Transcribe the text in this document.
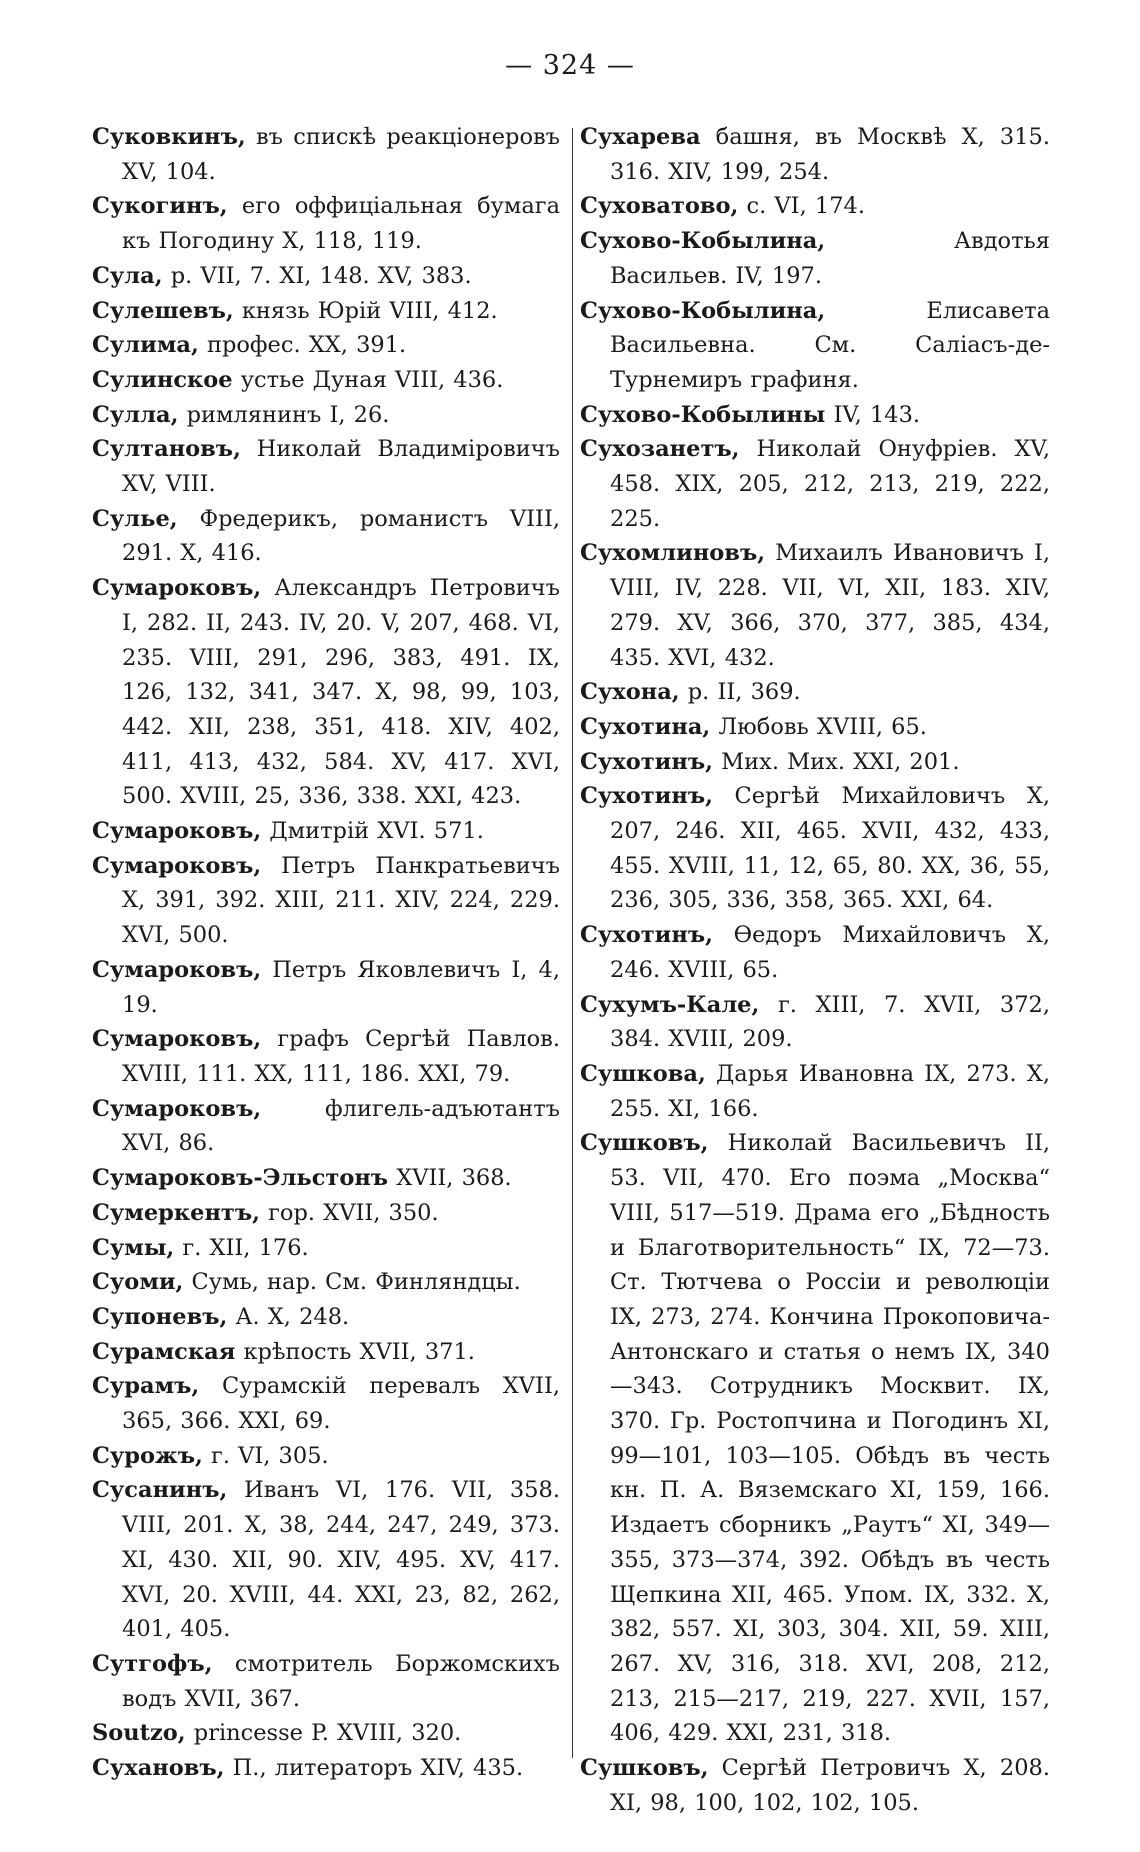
— 324 —

Суковкинъ, въ спискѣ реакціонеровъ XV, 104.

Сукогинъ, его оффиціальная бумага къ Погодину X, 118, 119.

Сула, р. VII, 7. XI, 148. XV, 383.

Сулешевъ, князь Юрій VIII, 412.

Сулима, профес. XX, 391.

Сулинское устье Дуная VIII, 436.

Сулла, римлянинъ I, 26.

Султановъ, Николай Владиміровичъ XV, VIII.

Сулье, Фредерикъ, романистъ VIII, 291. X, 416.

Сумароковъ, Александръ Петровичъ I, 282. II, 243. IV, 20. V, 207, 468. VI, 235. VIII, 291, 296, 383, 491. IX, 126, 132, 341, 347. X, 98, 99, 103, 442. XII, 238, 351, 418. XIV, 402, 411, 413, 432, 584. XV, 417. XVI, 500. XVIII, 25, 336, 338. XXI, 423.

Сумароковъ, Дмитрій XVI. 571.

Сумароковъ, Петръ Панкратьевичъ X, 391, 392. XIII, 211. XIV, 224, 229. XVI, 500.

Сумароковъ, Петръ Яковлевичъ I, 4, 19.

Сумароковъ, графъ Сергѣй Павлов. XVIII, 111. XX, 111, 186. XXI, 79.

Сумароковъ, флигель-адъютантъ XVI, 86.

Сумароковъ-Эльстонъ XVII, 368.

Сумеркентъ, гор. XVII, 350.

Сумы, г. XII, 176.

Суоми, Сумь, нар. См. Финляндцы.

Супоневъ, А. X, 248.

Сурамская крѣпость XVII, 371.

Сурамъ, Сурамскій перевалъ XVII, 365, 366. XXI, 69.

Сурожъ, г. VI, 305.

Сусанинъ, Иванъ VI, 176. VII, 358. VIII, 201. X, 38, 244, 247, 249, 373. XI, 430. XII, 90. XIV, 495. XV, 417. XVI, 20. XVIII, 44. XXI, 23, 82, 262, 401, 405.

Сутгофъ, смотритель Боржомскихъ водъ XVII, 367.

Soutzo, princesse P. XVIII, 320.

Сухановъ, П., литераторъ XIV, 435.

Сухарева башня, въ Москвѣ X, 315. 316. XIV, 199, 254.

Суховатово, с. VI, 174.

Сухово-Кобылина, Авдотья Васильев. IV, 197.

Сухово-Кобылина, Елисавета Васильевна. См. Саліасъ-де-Турнемиръ графиня.

Сухово-Кобылины IV, 143.

Сухозанетъ, Николай Онуфріев. XV, 458. XIX, 205, 212, 213, 219, 222, 225.

Сухомлиновъ, Михаилъ Ивановичъ I, VIII, IV, 228. VII, VI, XII, 183. XIV, 279. XV, 366, 370, 377, 385, 434, 435. XVI, 432.

Сухона, р. II, 369.

Сухотина, Любовь XVIII, 65.

Сухотинъ, Мих. Мих. XXI, 201.

Сухотинъ, Сергѣй Михайловичъ X, 207, 246. XII, 465. XVII, 432, 433, 455. XVIII, 11, 12, 65, 80. XX, 36, 55, 236, 305, 336, 358, 365. XXI, 64.

Сухотинъ, Ѳедоръ Михайловичъ X, 246. XVIII, 65.

Сухумъ-Кале, г. XIII, 7. XVII, 372, 384. XVIII, 209.

Сушкова, Дарья Ивановна IX, 273. X, 255. XI, 166.

Сушковъ, Николай Васильевичъ II, 53. VII, 470. Его поэма „Москва“ VIII, 517—519. Драма его „Бѣдность и Благотворительность“ IX, 72—73. Ст. Тютчева о Россіи и революціи IX, 273, 274. Кончина Прокоповича-Антонскаго и статья о немъ IX, 340—343. Сотрудникъ Москвит. IX, 370. Гр. Ростопчина и Погодинъ XI, 99—101, 103—105. Обѣдъ въ честь кн. П. А. Вяземскаго XI, 159, 166. Издаетъ сборникъ „Раутъ“ XI, 349—355, 373—374, 392. Обѣдъ въ честь Щепкина XII, 465. Упом. IX, 332. X, 382, 557. XI, 303, 304. XII, 59. XIII, 267. XV, 316, 318. XVI, 208, 212, 213, 215—217, 219, 227. XVII, 157, 406, 429. XXI, 231, 318.

Сушковъ, Сергѣй Петровичъ X, 208. XI, 98, 100, 102, 102, 105.
